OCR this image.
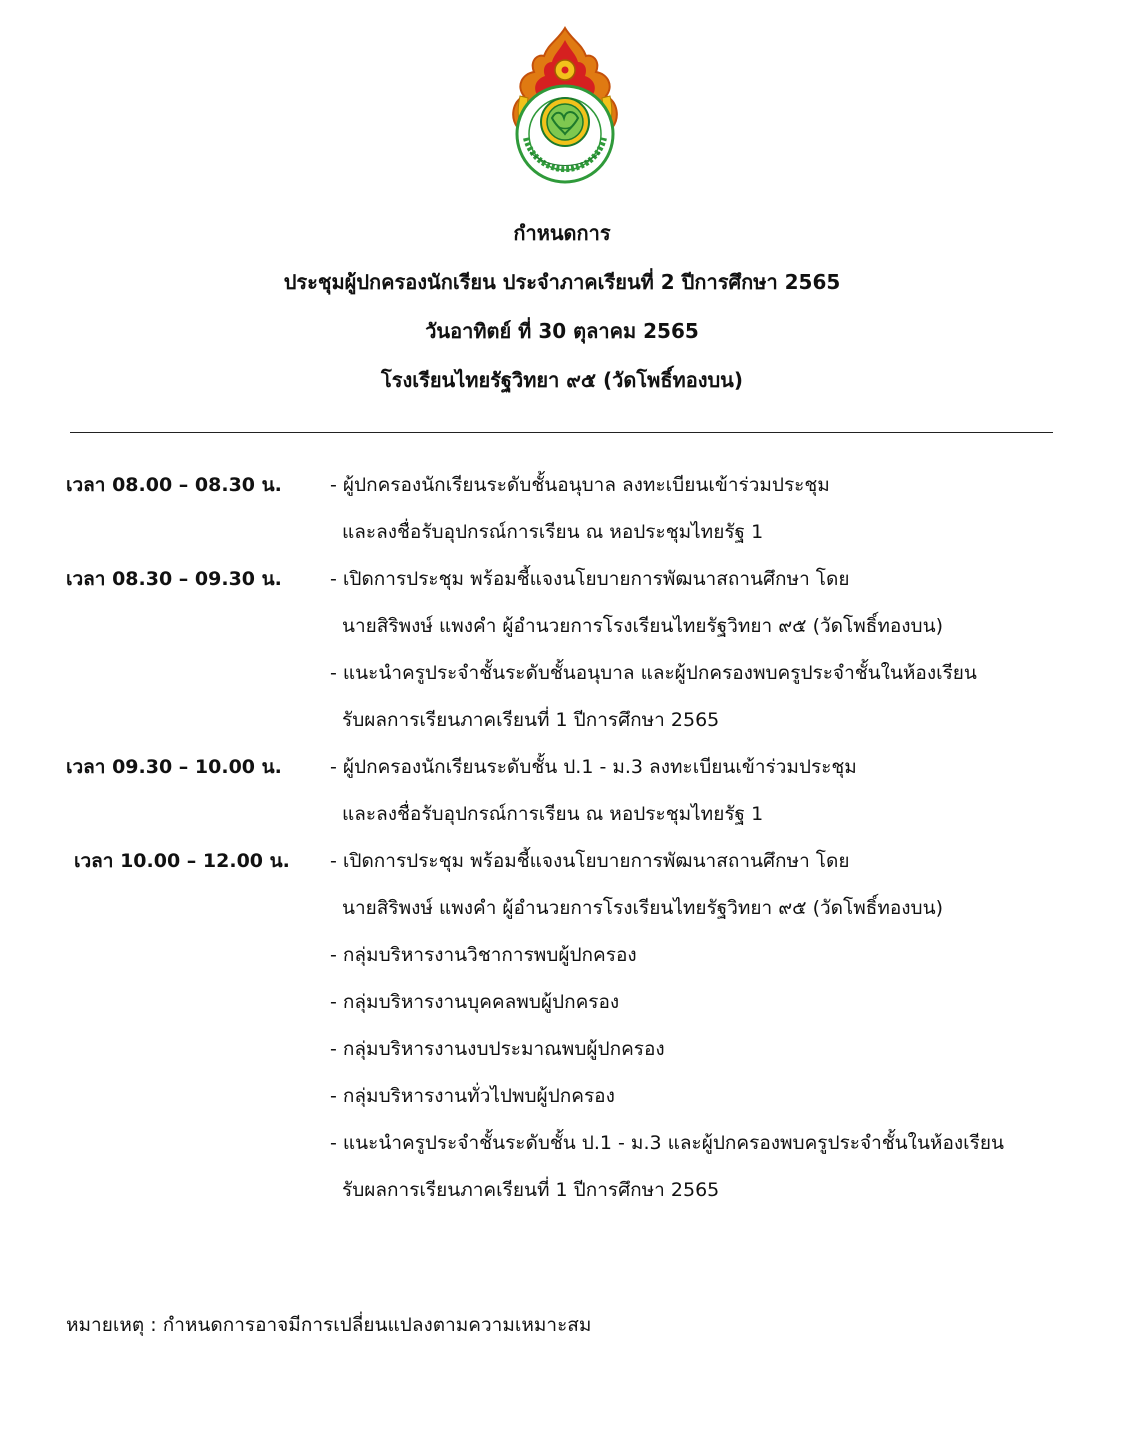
กำหนดการ
ประชุมผู้ปกครองนักเรียน ประจำภาคเรียนที่ 2 ปีการศึกษา 2565
วันอาทิตย์ ที่ 30 ตุลาคม 2565
โรงเรียนไทยรัฐวิทยา ๙๕ (วัดโพธิ์ทองบน)
เวลา 08.00 – 08.30 น.	- ผู้ปกครองนักเรียนระดับชั้นอนุบาล ลงทะเบียนเข้าร่วมประชุม
และลงชื่อรับอุปกรณ์การเรียน ณ หอประชุมไทยรัฐ 1
เวลา 08.30 – 09.30 น.	- เปิดการประชุม พร้อมชี้แจงนโยบายการพัฒนาสถานศึกษา โดย
นายสิริพงษ์ แพงคำ ผู้อำนวยการโรงเรียนไทยรัฐวิทยา ๙๕ (วัดโพธิ์ทองบน)
- แนะนำครูประจำชั้นระดับชั้นอนุบาล และผู้ปกครองพบครูประจำชั้นในห้องเรียน
รับผลการเรียนภาคเรียนที่ 1 ปีการศึกษา 2565
เวลา 09.30 – 10.00 น.	- ผู้ปกครองนักเรียนระดับชั้น ป.1 - ม.3 ลงทะเบียนเข้าร่วมประชุม
และลงชื่อรับอุปกรณ์การเรียน ณ หอประชุมไทยรัฐ 1
เวลา 10.00 – 12.00 น. - เปิดการประชุม พร้อมชี้แจงนโยบายการพัฒนาสถานศึกษา โดย
นายสิริพงษ์ แพงคำ ผู้อำนวยการโรงเรียนไทยรัฐวิทยา ๙๕ (วัดโพธิ์ทองบน)
- กลุ่มบริหารงานวิชาการพบผู้ปกครอง
- กลุ่มบริหารงานบุคคลพบผู้ปกครอง
- กลุ่มบริหารงานงบประมาณพบผู้ปกครอง
- กลุ่มบริหารงานทั่วไปพบผู้ปกครอง
- แนะนำครูประจำชั้นระดับชั้น ป.1 - ม.3 และผู้ปกครองพบครูประจำชั้นในห้องเรียน
รับผลการเรียนภาคเรียนที่ 1 ปีการศึกษา 2565
หมายเหตุ : กำหนดการอาจมีการเปลี่ยนแปลงตามความเหมาะสม
